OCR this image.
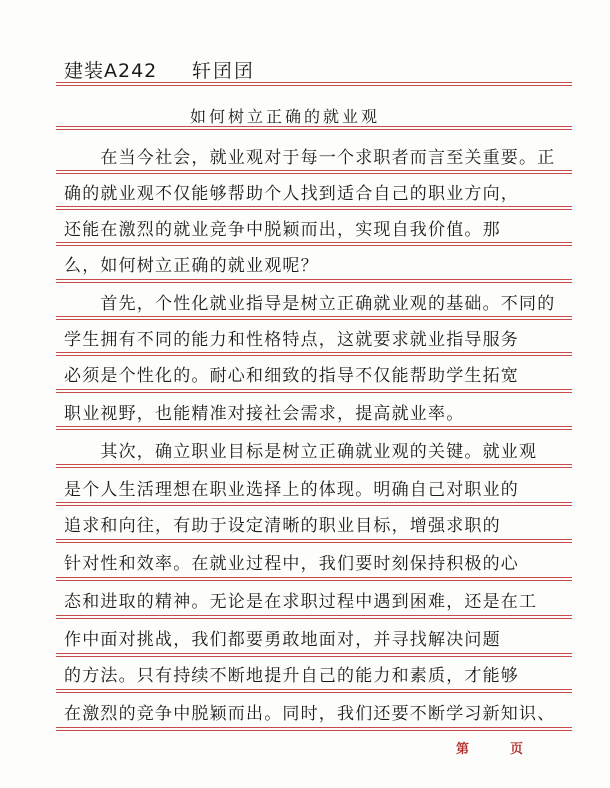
建装A242 轩囝囝
如何树立正确的就业观
　　在当今社会，就业观对于每一个求职者而言至关重要。正
确的就业观不仅能够帮助个人找到适合自己的职业方向，
还能在激烈的就业竞争中脱颖而出，实现自我价值。那
么，如何树立正确的就业观呢？
　　首先，个性化就业指导是树立正确就业观的基础。不同的
学生拥有不同的能力和性格特点，这就要求就业指导服务
必须是个性化的。耐心和细致的指导不仅能帮助学生拓宽
职业视野，也能精准对接社会需求，提高就业率。
　　其次，确立职业目标是树立正确就业观的关键。就业观
是个人生活理想在职业选择上的体现。明确自己对职业的
追求和向往，有助于设定清晰的职业目标，增强求职的
针对性和效率。在就业过程中，我们要时刻保持积极的心
态和进取的精神。无论是在求职过程中遇到困难，还是在工
作中面对挑战，我们都要勇敢地面对，并寻找解决问题
的方法。只有持续不断地提升自己的能力和素质，才能够
在激烈的竞争中脱颖而出。同时，我们还要不断学习新知识、
第	页
